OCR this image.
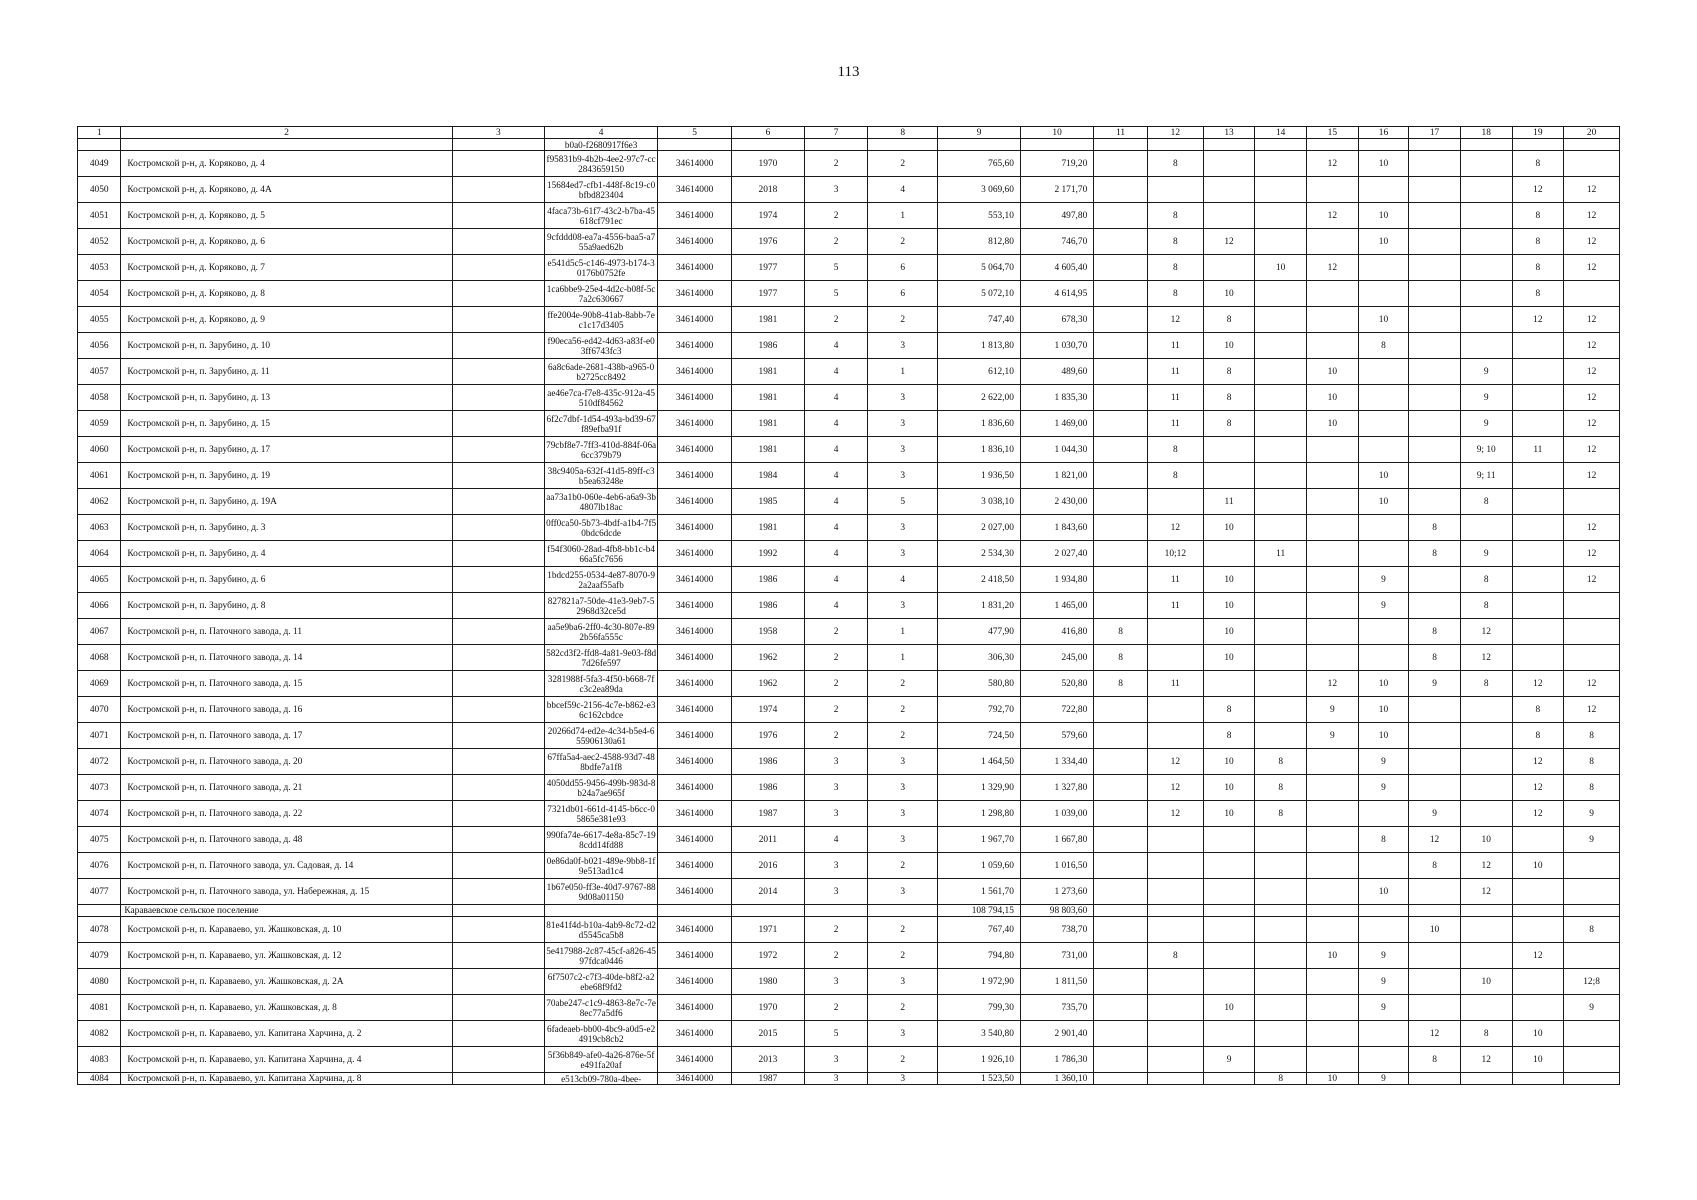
113
1	2	3	4	5	6	7	8	9	10	11	12	13	14	15	16	17	18	19	20
			b0a0-f2680917f6e3																
4049	Костромской р-н, д. Коряково, д. 4		f95831b9-4b2b-4ee2-97c7-cc2843659150	34614000	1970	2	2	765,60	719,20		8			12	10			8	
4050	Костромской р-н, д. Коряково, д. 4А		15684ed7-cfb1-448f-8c19-c0bfbd823404	34614000	2018	3	4	3 069,60	2 171,70									12	12
4051	Костромской р-н, д. Коряково, д. 5		4faca73b-61f7-43c2-b7ba-45618cf791ec	34614000	1974	2	1	553,10	497,80		8			12	10			8	12
4052	Костромской р-н, д. Коряково, д. 6		9cfddd08-ea7a-4556-baa5-a755a9aed62b	34614000	1976	2	2	812,80	746,70		8	12			10			8	12
4053	Костромской р-н, д. Коряково, д. 7		e541d5c5-c146-4973-b174-30176b0752fe	34614000	1977	5	6	5 064,70	4 605,40		8		10	12				8	12
4054	Костромской р-н, д. Коряково, д. 8		1ca6bbe9-25e4-4d2c-b08f-5c7a2c630667	34614000	1977	5	6	5 072,10	4 614,95		8	10						8	
4055	Костромской р-н, д. Коряково, д. 9		ffe2004e-90b8-41ab-8abb-7ec1c17d3405	34614000	1981	2	2	747,40	678,30		12	8			10			12	12
4056	Костромской р-н, п. Зарубино, д. 10		f90eca56-ed42-4d63-a83f-e03ff6743fc3	34614000	1986	4	3	1 813,80	1 030,70		11	10			8				12
4057	Костромской р-н, п. Зарубино, д. 11		6a8c6ade-2681-438b-a965-0b2725cc8492	34614000	1981	4	1	612,10	489,60		11	8		10			9		12
4058	Костромской р-н, п. Зарубино, д. 13		ae46e7ca-f7e8-435c-912a-45510df84562	34614000	1981	4	3	2 622,00	1 835,30		11	8		10			9		12
4059	Костромской р-н, п. Зарубино, д. 15		6f2c7dbf-1d54-493a-bd39-67f89efba91f	34614000	1981	4	3	1 836,60	1 469,00		11	8		10			9		12
4060	Костромской р-н, п. Зарубино, д. 17		79cbf8e7-7ff3-410d-884f-06a6cc379b79	34614000	1981	4	3	1 836,10	1 044,30		8						9; 10	11	12
4061	Костромской р-н, п. Зарубино, д. 19		38c9405a-632f-41d5-89ff-c3b5ea63248e	34614000	1984	4	3	1 936,50	1 821,00		8				10		9; 11		12
4062	Костромской р-н, п. Зарубино, д. 19А		aa73a1b0-060e-4eb6-a6a9-3b4807lb18ac	34614000	1985	4	5	3 038,10	2 430,00			11			10		8		
4063	Костромской р-н, п. Зарубино, д. 3		0ff0ca50-5b73-4bdf-a1b4-7f50bdc6dcde	34614000	1981	4	3	2 027,00	1 843,60		12	10				8			12
4064	Костромской р-н, п. Зарубино, д. 4		f54f3060-28ad-4fb8-bb1c-b466a5fc7656	34614000	1992	4	3	2 534,30	2 027,40		10;12		11			8	9		12
4065	Костромской р-н, п. Зарубино, д. 6		1bdcd255-0534-4e87-8070-92a2aaf55afb	34614000	1986	4	4	2 418,50	1 934,80		11	10			9		8		12
4066	Костромской р-н, п. Зарубино, д. 8		827821a7-50de-41e3-9eb7-52968d32ce5d	34614000	1986	4	3	1 831,20	1 465,00		11	10			9		8		
4067	Костромской р-н, п. Паточного завода, д. 11		aa5e9ba6-2ff0-4c30-807e-892b56fa555c	34614000	1958	2	1	477,90	416,80	8		10				8	12		
4068	Костромской р-н, п. Паточного завода, д. 14		582cd3f2-ffd8-4a81-9e03-f8d7d26fe597	34614000	1962	2	1	306,30	245,00	8		10				8	12		
4069	Костромской р-н, п. Паточного завода, д. 15		3281988f-5fa3-4f50-b668-7fc3c2ea89da	34614000	1962	2	2	580,80	520,80	8	11			12	10	9	8	12	12
4070	Костромской р-н, п. Паточного завода, д. 16		bbcef59c-2156-4c7e-b862-e36c162cbdce	34614000	1974	2	2	792,70	722,80			8		9	10			8	12
4071	Костромской р-н, п. Паточного завода, д. 17		20266d74-ed2e-4c34-b5e4-655906130a61	34614000	1976	2	2	724,50	579,60			8		9	10			8	8
4072	Костромской р-н, п. Паточного завода, д. 20		67ffa5a4-aec2-4588-93d7-488bdfe7a1f8	34614000	1986	3	3	1 464,50	1 334,40		12	10	8		9			12	8
4073	Костромской р-н, п. Паточного завода, д. 21		4050dd55-9456-499b-983d-8b24a7ae965f	34614000	1986	3	3	1 329,90	1 327,80		12	10	8		9			12	8
4074	Костромской р-н, п. Паточного завода, д. 22		7321db01-661d-4145-b6cc-05865e381e93	34614000	1987	3	3	1 298,80	1 039,00		12	10	8			9		12	9
4075	Костромской р-н, п. Паточного завода, д. 48		990fa74e-6617-4e8a-85c7-198cdd14fd88	34614000	2011	4	3	1 967,70	1 667,80						8	12	10		9
4076	Костромской р-н, п. Паточного завода, ул. Садовая, д. 14		0e86da0f-b021-489e-9bb8-1f9e513ad1c4	34614000	2016	3	2	1 059,60	1 016,50							8	12	10	
4077	Костромской р-н, п. Паточного завода, ул. Набережная, д. 15		1b67e050-ff3e-40d7-9767-889d08a01150	34614000	2014	3	3	1 561,70	1 273,60						10		12		
	Караваевское сельское поселение							108 794,15	98 803,60										
4078	Костромской р-н, п. Караваево, ул. Жашковская, д. 10		81e41f4d-b10a-4ab9-8c72-d2d5545ca5b8	34614000	1971	2	2	767,40	738,70							10			8
4079	Костромской р-н, п. Караваево, ул. Жашковская, д. 12		5e417988-2c87-45cf-a826-4597fdca0446	34614000	1972	2	2	794,80	731,00		8			10	9			12	
4080	Костромской р-н, п. Караваево, ул. Жашковская, д. 2А		6f7507c2-c7f3-40de-b8f2-a2ebe68f9fd2	34614000	1980	3	3	1 972,90	1 811,50						9		10		12;8
4081	Костромской р-н, п. Караваево, ул. Жашковская, д. 8		70abe247-c1c9-4863-8e7c-7e8ec77a5df6	34614000	1970	2	2	799,30	735,70			10			9				9
4082	Костромской р-н, п. Караваево, ул. Капитана Харчина, д. 2		6fadeaeb-bb00-4bc9-a0d5-e24919cb8cb2	34614000	2015	5	3	3 540,80	2 901,40							12	8	10	
4083	Костромской р-н, п. Караваево, ул. Капитана Харчина, д. 4		5f36b849-afe0-4a26-876e-5fe491fa20af	34614000	2013	3	2	1 926,10	1 786,30			9				8	12	10	
4084	Костромской р-н, п. Караваево, ул. Капитана Харчина, д. 8		e513cb09-780a-4bee-	34614000	1987	3	3	1 523,50	1 360,10				8	10	9				
